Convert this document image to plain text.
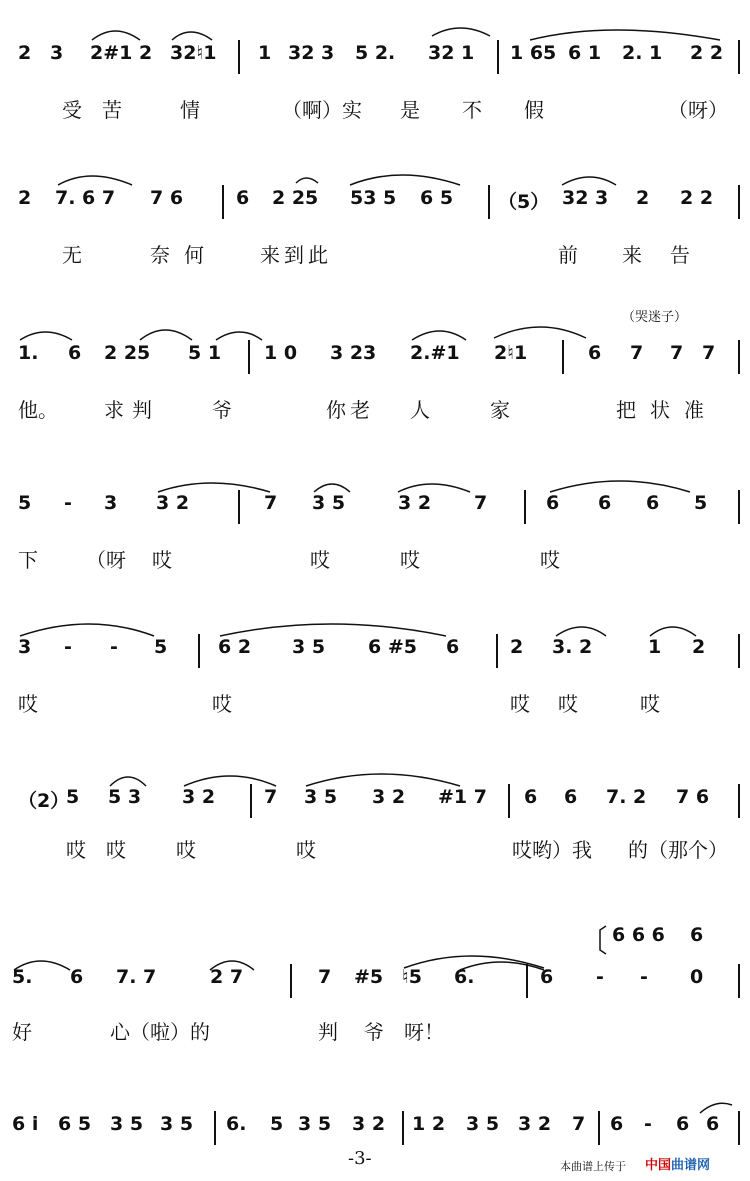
2 3 2#1 2 32♮1 1 32 3 5 2. 32 1 1 65 6 1 2. 1 2 2
受苦 情	（啊）实 是 不 假	（呀）
2 7. 6 7 7 6	6 2 25 53 5 6 5 （5） 32 3 2 2 2
无	奈何 来到此	前 来告
（哭迷子）
1. 6 2 25 5 1 1 0 3 23 2.#1 2♮1	6 7 7 7
他。 求判	爷	你老 人	家	把状准
5 - 3 3 2	7 3 5	3 2 7	6 6 6 5
下 （呀 哎	哎	哎	哎
3 - - 5	6 2 3 5 6 #5 6	2 3. 2	1 2
哎	哎	哎哎 哎
（2）
5 5 3 3 2	7 3 5 3 2 #1 7 6 6 7. 2 7 6
哎哎 哎	哎	哎哟）我 的（那个）
6 6 6 6
5. 6 7. 7	2 7	7 #5 ♮5 6.	6 - - 0
好	心（啦）的	判 爷 呀！
6 i 6 5 3 5 3 5 6. 5 3 5 3 2 1 2 3 5 3 2 7 6 - 6 6
-3-	本曲谱上传于 中国曲谱网
